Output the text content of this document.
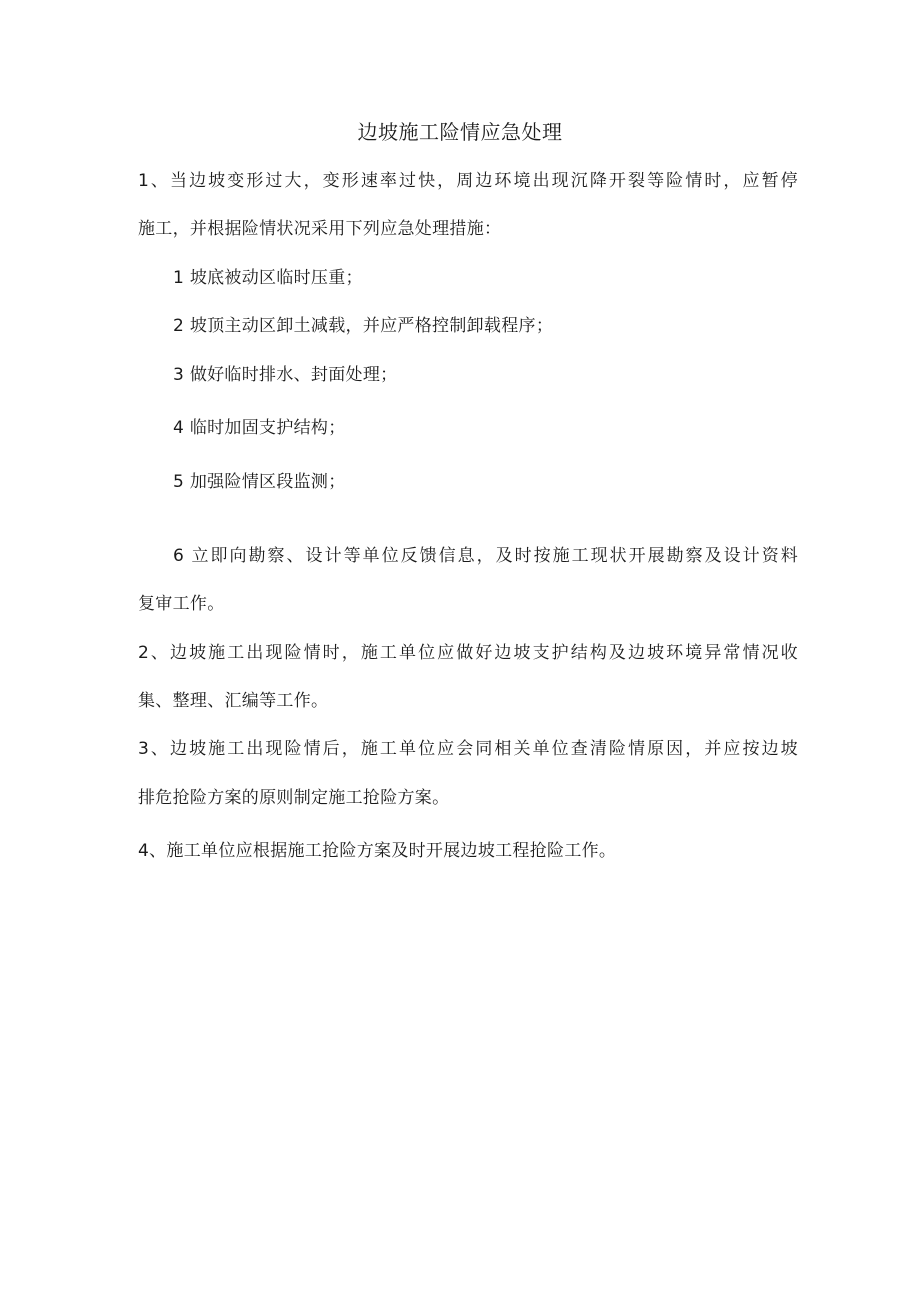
边坡施工险情应急处理
1、当边坡变形过大，变形速率过快，周边环境出现沉降开裂等险情时，应暂停
施工，并根据险情状况采用下列应急处理措施：
1 坡底被动区临时压重；
2 坡顶主动区卸土减载，并应严格控制卸载程序；
3 做好临时排水、封面处理；
4 临时加固支护结构；
5 加强险情区段监测；
6 立即向勘察、设计等单位反馈信息，及时按施工现状开展勘察及设计资料
复审工作。
2、边坡施工出现险情时，施工单位应做好边坡支护结构及边坡环境异常情况收
集、整理、汇编等工作。
3、边坡施工出现险情后，施工单位应会同相关单位查清险情原因，并应按边坡
排危抢险方案的原则制定施工抢险方案。
4、施工单位应根据施工抢险方案及时开展边坡工程抢险工作。
